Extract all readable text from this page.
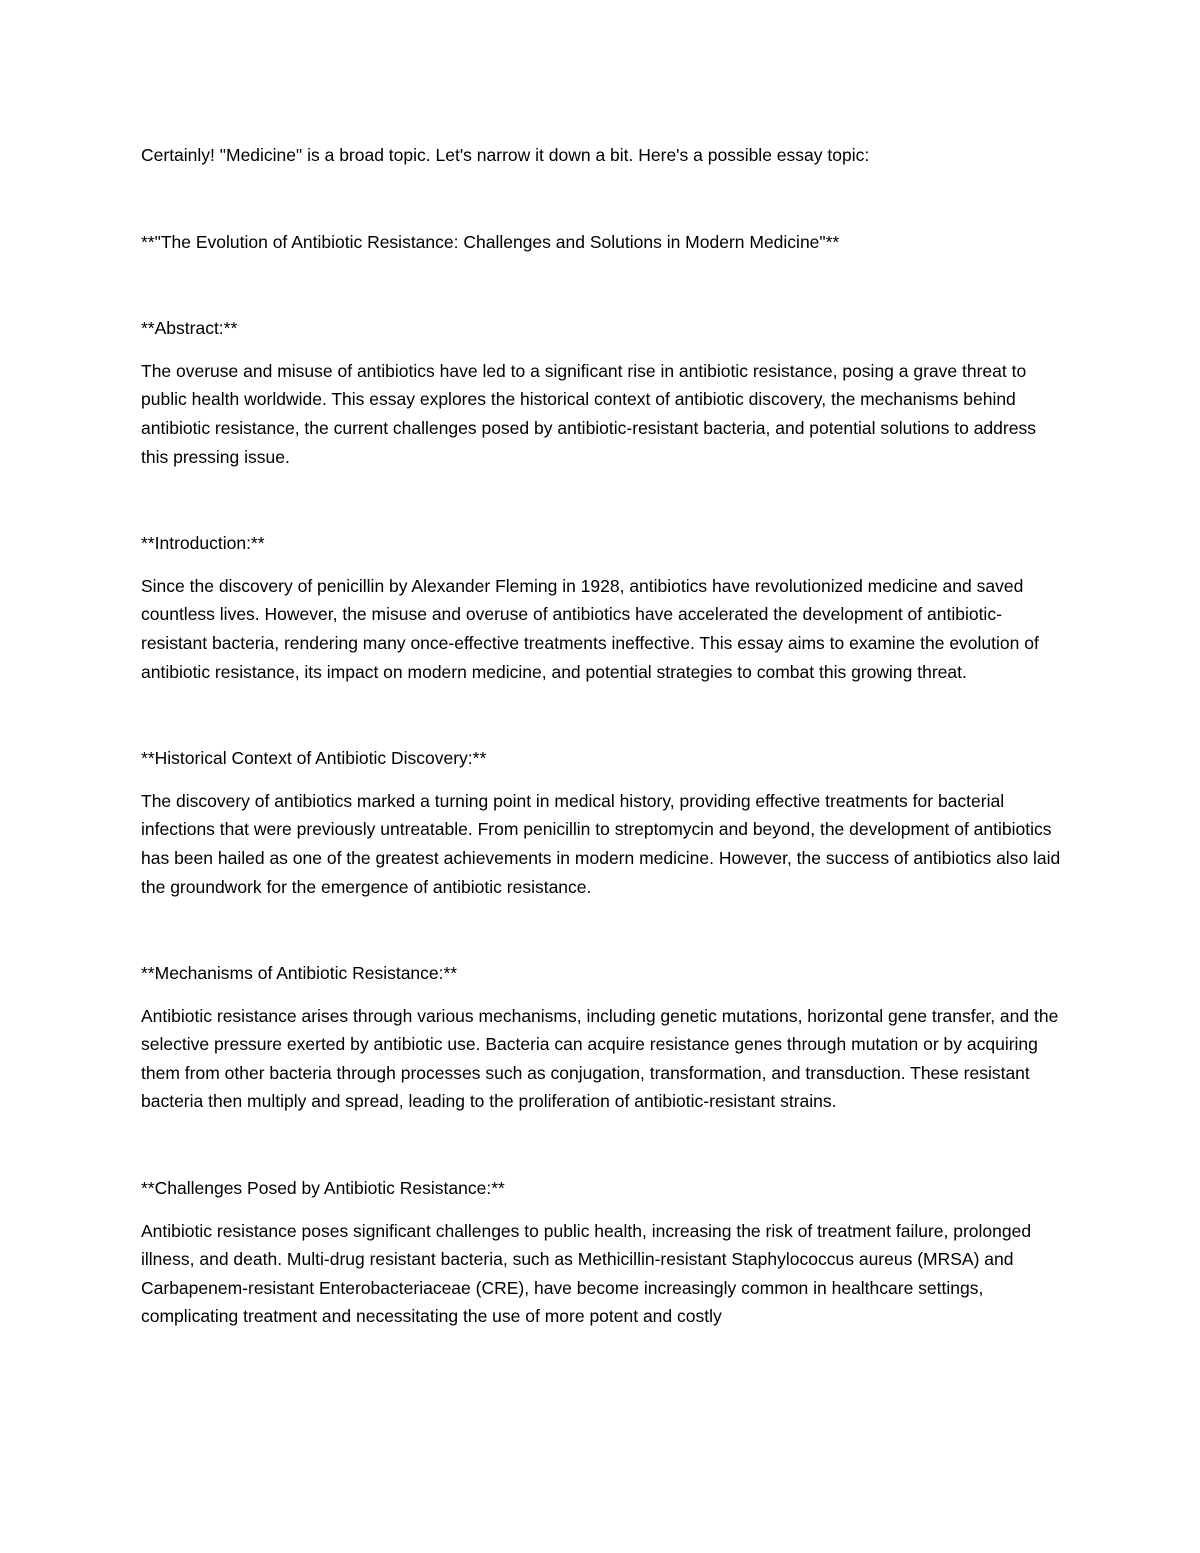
Certainly! "Medicine" is a broad topic. Let's narrow it down a bit. Here's a possible essay topic:

**"The Evolution of Antibiotic Resistance: Challenges and Solutions in Modern Medicine"**

**Abstract:**

The overuse and misuse of antibiotics have led to a significant rise in antibiotic resistance, posing a grave threat to public health worldwide. This essay explores the historical context of antibiotic discovery, the mechanisms behind antibiotic resistance, the current challenges posed by antibiotic-resistant bacteria, and potential solutions to address this pressing issue.

**Introduction:**

Since the discovery of penicillin by Alexander Fleming in 1928, antibiotics have revolutionized medicine and saved countless lives. However, the misuse and overuse of antibiotics have accelerated the development of antibiotic-resistant bacteria, rendering many once-effective treatments ineffective. This essay aims to examine the evolution of antibiotic resistance, its impact on modern medicine, and potential strategies to combat this growing threat.

**Historical Context of Antibiotic Discovery:**

The discovery of antibiotics marked a turning point in medical history, providing effective treatments for bacterial infections that were previously untreatable. From penicillin to streptomycin and beyond, the development of antibiotics has been hailed as one of the greatest achievements in modern medicine. However, the success of antibiotics also laid the groundwork for the emergence of antibiotic resistance.

**Mechanisms of Antibiotic Resistance:**

Antibiotic resistance arises through various mechanisms, including genetic mutations, horizontal gene transfer, and the selective pressure exerted by antibiotic use. Bacteria can acquire resistance genes through mutation or by acquiring them from other bacteria through processes such as conjugation, transformation, and transduction. These resistant bacteria then multiply and spread, leading to the proliferation of antibiotic-resistant strains.

**Challenges Posed by Antibiotic Resistance:**

Antibiotic resistance poses significant challenges to public health, increasing the risk of treatment failure, prolonged illness, and death. Multi-drug resistant bacteria, such as Methicillin-resistant Staphylococcus aureus (MRSA) and Carbapenem-resistant Enterobacteriaceae (CRE), have become increasingly common in healthcare settings, complicating treatment and necessitating the use of more potent and costly
